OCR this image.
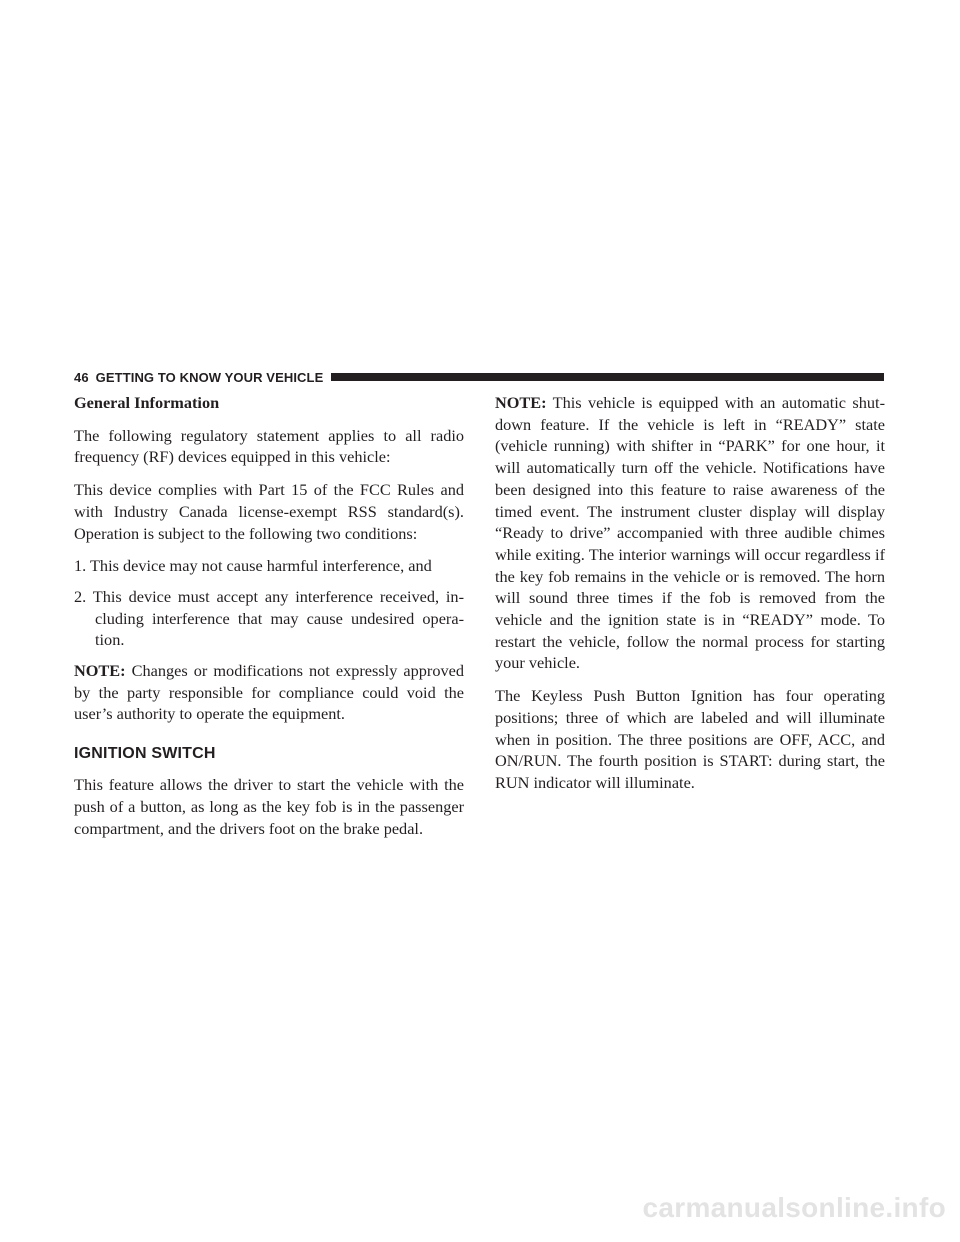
46 GETTING TO KNOW YOUR VEHICLE
General Information

The following regulatory statement applies to all radio frequency (RF) devices equipped in this vehicle:

This device complies with Part 15 of the FCC Rules and with Industry Canada license-exempt RSS standard(s). Operation is subject to the following two conditions:

1. This device may not cause harmful interference, and

2. This device must accept any interference received, in- cluding interference that may cause undesired opera- tion.

NOTE: Changes or modifications not expressly approved by the party responsible for compliance could void the user’s authority to operate the equipment.

IGNITION SWITCH

This feature allows the driver to start the vehicle with the push of a button, as long as the key fob is in the passenger compartment, and the drivers foot on the brake pedal.

NOTE: This vehicle is equipped with an automatic shut- down feature. If the vehicle is left in “READY” state (vehicle running) with shifter in “PARK” for one hour, it will automatically turn off the vehicle. Notifications have been designed into this feature to raise awareness of the timed event. The instrument cluster display will display “Ready to drive” accompanied with three audible chimes while exiting. The interior warnings will occur regardless if the key fob remains in the vehicle or is removed. The horn will sound three times if the fob is removed from the vehicle and the ignition state is in “READY” mode. To restart the vehicle, follow the normal process for starting your vehicle.

The Keyless Push Button Ignition has four operating positions; three of which are labeled and will illuminate when in position. The three positions are OFF, ACC, and ON/RUN. The fourth position is START: during start, the RUN indicator will illuminate.

carmanualsonline.info
